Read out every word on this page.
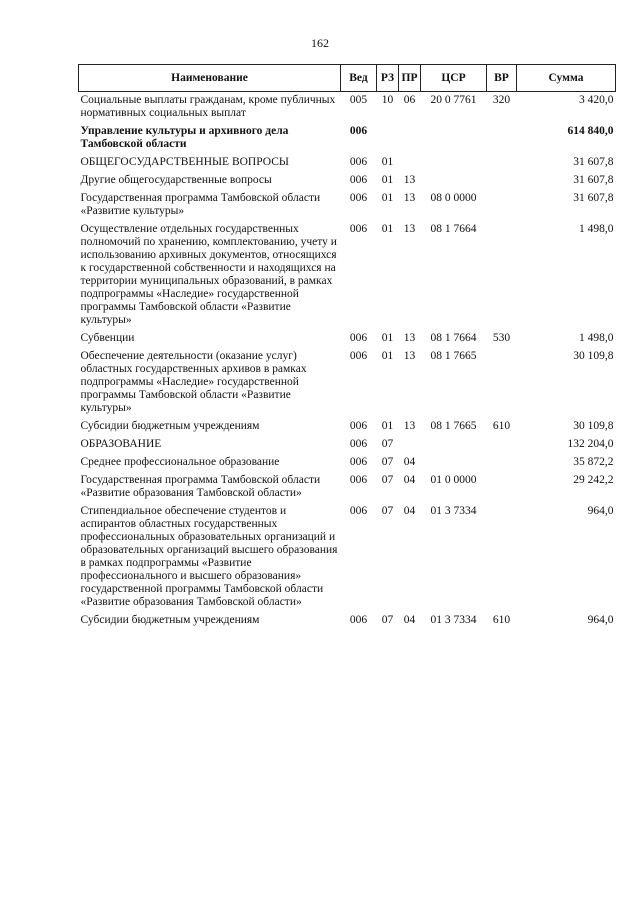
162
Наименование	Вед	РЗ	ПР	ЦСР	ВР	Сумма
Социальные выплаты гражданам, кроме публичных нормативных социальных выплат	005	10	06	20 0 7761	320	3 420,0
Управление культуры и архивного дела Тамбовской области	006					614 840,0
ОБЩЕГОСУДАРСТВЕННЫЕ ВОПРОСЫ	006	01				31 607,8
Другие общегосударственные вопросы	006	01	13			31 607,8
Государственная программа Тамбовской области «Развитие культуры»	006	01	13	08 0 0000		31 607,8
Осуществление отдельных государственных полномочий по хранению, комплектованию, учету и использованию архивных документов, относящихся к государственной собственности и находящихся на территории муниципальных образований, в рамках подпрограммы «Наследие» государственной программы Тамбовской области «Развитие культуры»	006	01	13	08 1 7664		1 498,0
Субвенции	006	01	13	08 1 7664	530	1 498,0
Обеспечение деятельности (оказание услуг) областных государственных архивов в рамках подпрограммы «Наследие» государственной программы Тамбовской области «Развитие культуры»	006	01	13	08 1 7665		30 109,8
Субсидии бюджетным учреждениям	006	01	13	08 1 7665	610	30 109,8
ОБРАЗОВАНИЕ	006	07				132 204,0
Среднее профессиональное образование	006	07	04			35 872,2
Государственная программа Тамбовской области «Развитие образования Тамбовской области»	006	07	04	01 0 0000		29 242,2
Стипендиальное обеспечение студентов и аспирантов областных государственных профессиональных образовательных организаций и образовательных организаций высшего образования в рамках подпрограммы «Развитие профессионального и высшего образования» государственной программы Тамбовской области «Развитие образования Тамбовской области»	006	07	04	01 3 7334		964,0
Субсидии бюджетным учреждениям	006	07	04	01 3 7334	610	964,0
